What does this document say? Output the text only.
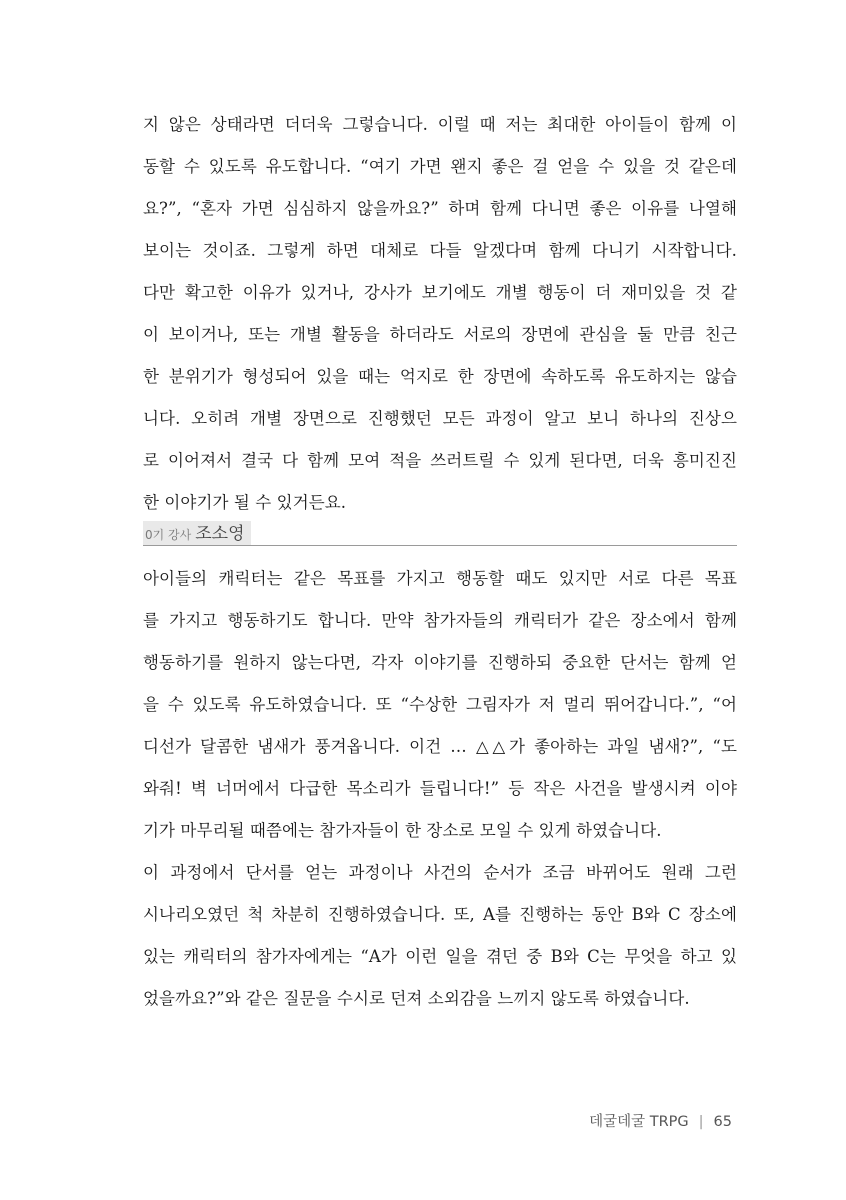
지 않은 상태라면 더더욱 그렇습니다. 이럴 때 저는 최대한 아이들이 함께 이
동할 수 있도록 유도합니다. “여기 가면 왠지 좋은 걸 얻을 수 있을 것 같은데
요?”, “혼자 가면 심심하지 않을까요?” 하며 함께 다니면 좋은 이유를 나열해
보이는 것이죠. 그렇게 하면 대체로 다들 알겠다며 함께 다니기 시작합니다.
다만 확고한 이유가 있거나, 강사가 보기에도 개별 행동이 더 재미있을 것 같
이 보이거나, 또는 개별 활동을 하더라도 서로의 장면에 관심을 둘 만큼 친근
한 분위기가 형성되어 있을 때는 억지로 한 장면에 속하도록 유도하지는 않습
니다. 오히려 개별 장면으로 진행했던 모든 과정이 알고 보니 하나의 진상으
로 이어져서 결국 다 함께 모여 적을 쓰러트릴 수 있게 된다면, 더욱 흥미진진
한 이야기가 될 수 있거든요.
0기 강사 조소영
아이들의 캐릭터는 같은 목표를 가지고 행동할 때도 있지만 서로 다른 목표
를 가지고 행동하기도 합니다. 만약 참가자들의 캐릭터가 같은 장소에서 함께
행동하기를 원하지 않는다면, 각자 이야기를 진행하되 중요한 단서는 함께 얻
을 수 있도록 유도하였습니다. 또 “수상한 그림자가 저 멀리 뛰어갑니다.”, “어
디선가 달콤한 냄새가 풍겨옵니다. 이건 … △△가 좋아하는 과일 냄새?”, “도
와줘! 벽 너머에서 다급한 목소리가 들립니다!” 등 작은 사건을 발생시켜 이야
기가 마무리될 때쯤에는 참가자들이 한 장소로 모일 수 있게 하였습니다.
이 과정에서 단서를 얻는 과정이나 사건의 순서가 조금 바뀌어도 원래 그런
시나리오였던 척 차분히 진행하였습니다. 또, A를 진행하는 동안 B와 C 장소에
있는 캐릭터의 참가자에게는 “A가 이런 일을 겪던 중 B와 C는 무엇을 하고 있
었을까요?”와 같은 질문을 수시로 던져 소외감을 느끼지 않도록 하였습니다.
데굴데굴 TRPG | 65
